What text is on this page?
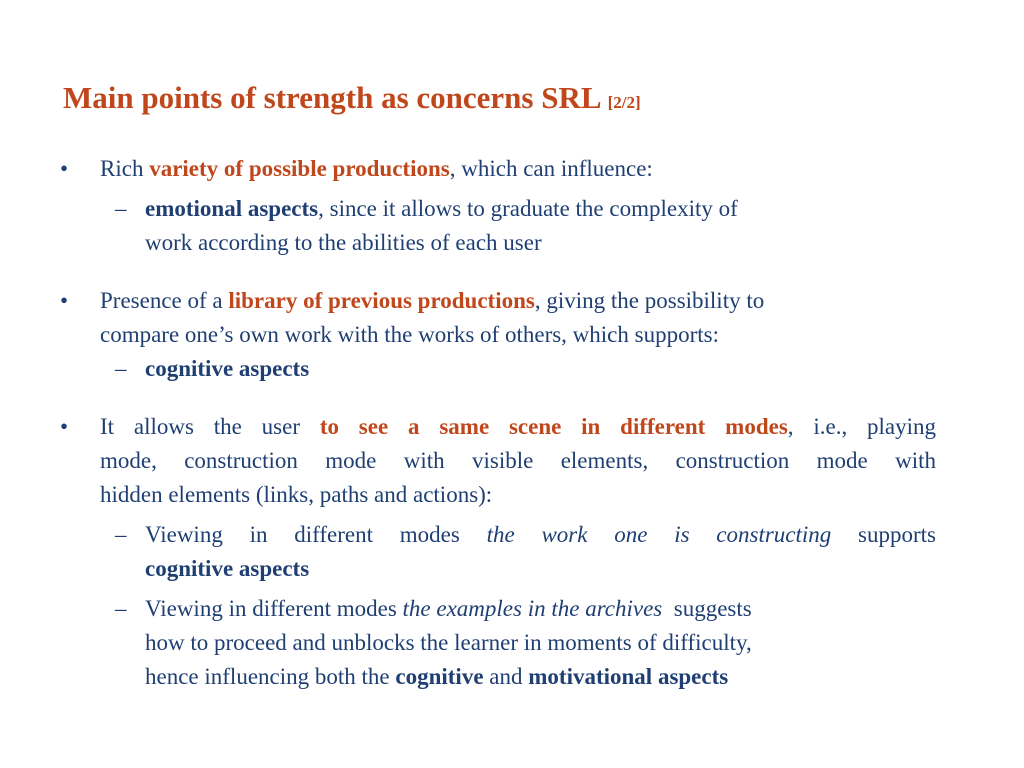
Main points of strength as concerns SRL [2/2]
• Rich variety of possible productions, which can influence:
– emotional aspects, since it allows to graduate the complexity of
work according to the abilities of each user
• Presence of a library of previous productions, giving the possibility to
compare one’s own work with the works of others, which supports:
– cognitive aspects
• It allows the user to see a same scene in different modes, i.e., playing
mode, construction mode with visible elements, construction mode with
hidden elements (links, paths and actions):
– Viewing in different modes the work one is constructing supports
cognitive aspects
– Viewing in different modes the examples in the archives  suggests
how to proceed and unblocks the learner in moments of difficulty,
hence influencing both the cognitive and motivational aspects
